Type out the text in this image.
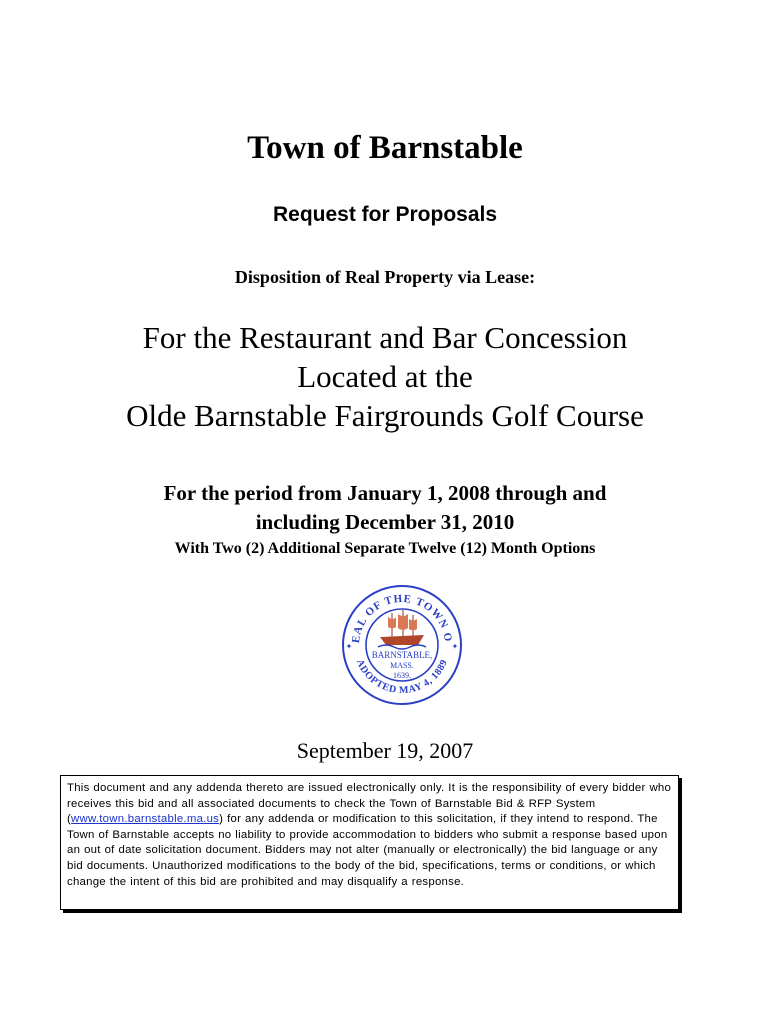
Town of Barnstable
Request for Proposals
Disposition of Real Property via Lease:
For the Restaurant and Bar Concession
Located at the
Olde Barnstable Fairgrounds Golf Course
For the period from January 1, 2008 through and
including December 31, 2010
With Two (2) Additional Separate Twelve (12) Month Options
EAL OF THE TOWN O
ADOPTED MAY 4, 1889
BARNSTABLE,
MASS.
1639.
✦	✦
September 19, 2007
This document and any addenda thereto are issued electronically only. It is the responsibility of every bidder who receives this bid and all associated documents to check the Town of Barnstable Bid & RFP System (www.town.barnstable.ma.us) for any addenda or modification to this solicitation, if they intend to respond. The Town of Barnstable accepts no liability to provide accommodation to bidders who submit a response based upon an out of date solicitation document. Bidders may not alter (manually or electronically) the bid language or any bid documents. Unauthorized modifications to the body of the bid, specifications, terms or conditions, or which change the intent of this bid are prohibited and may disqualify a response.
